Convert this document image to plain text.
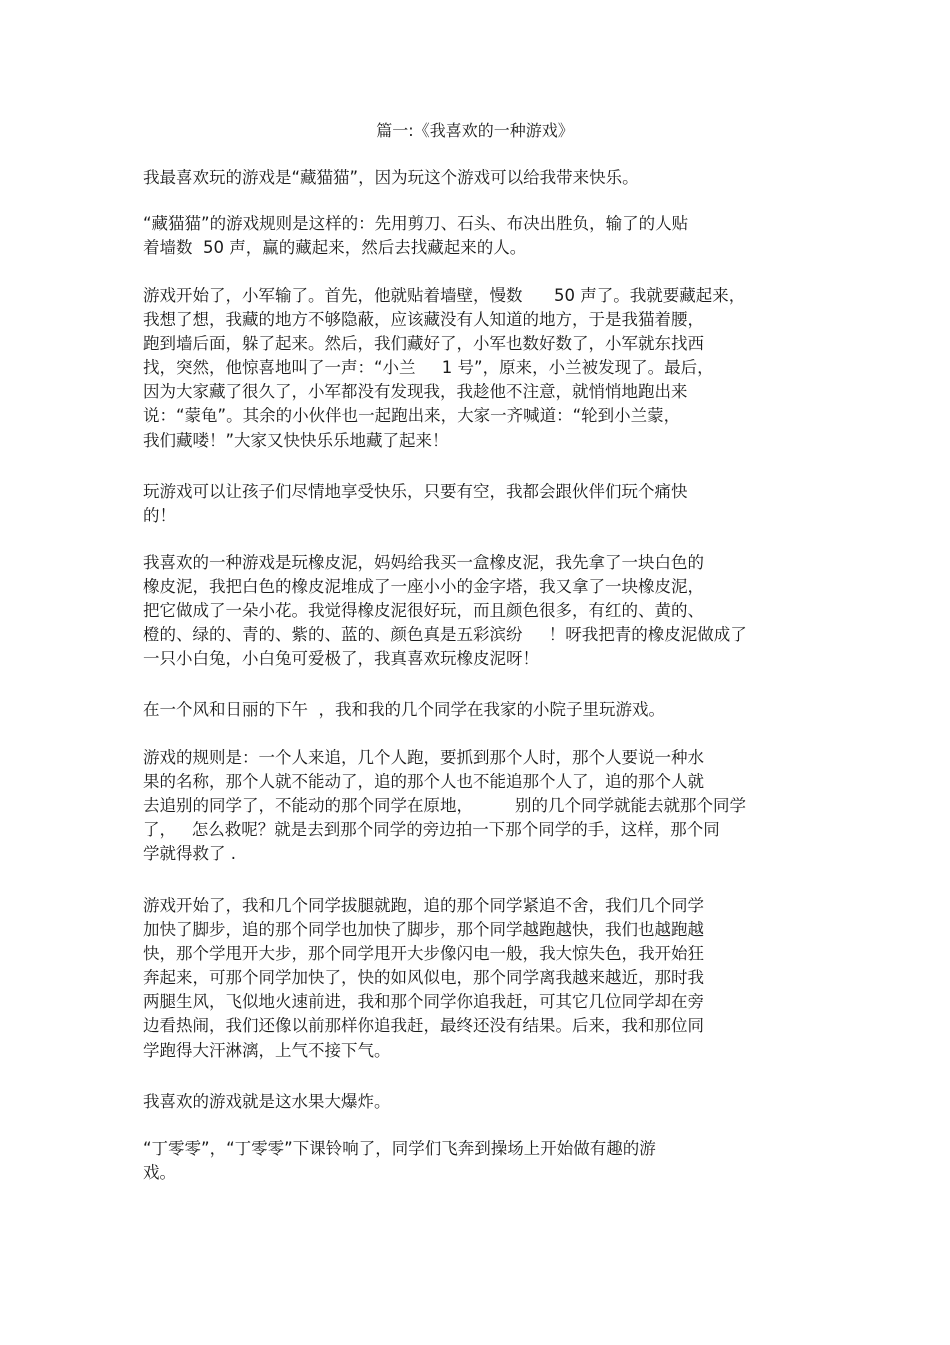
篇一:《我喜欢的一种游戏》
我最喜欢玩的游戏是“藏猫猫”，因为玩这个游戏可以给我带来快乐。
“藏猫猫”的游戏规则是这样的：先用剪刀、石头、布决出胜负，输了的人贴
着墙数  50 声，赢的藏起来，然后去找藏起来的人。
游戏开始了，小军输了。首先，他就贴着墙壁，慢数      50 声了。我就要藏起来，
我想了想，我藏的地方不够隐蔽，应该藏没有人知道的地方，于是我猫着腰，
跑到墙后面，躲了起来。然后，我们藏好了，小军也数好数了，小军就东找西
找，突然，他惊喜地叫了一声：“小兰     1 号”，原来，小兰被发现了。最后，
因为大家藏了很久了，小军都没有发现我，我趁他不注意，就悄悄地跑出来
说：“蒙龟”。其余的小伙伴也一起跑出来，大家一齐喊道：“轮到小兰蒙，
我们藏喽！”大家又快快乐乐地藏了起来！
玩游戏可以让孩子们尽情地享受快乐，只要有空，我都会跟伙伴们玩个痛快
的！
我喜欢的一种游戏是玩橡皮泥，妈妈给我买一盒橡皮泥，我先拿了一块白色的
橡皮泥，我把白色的橡皮泥堆成了一座小小的金字塔，我又拿了一块橡皮泥，
把它做成了一朵小花。我觉得橡皮泥很好玩，而且颜色很多，有红的、黄的、
橙的、绿的、青的、紫的、蓝的、颜色真是五彩滨纷     ！呀我把青的橡皮泥做成了
一只小白兔，小白兔可爱极了，我真喜欢玩橡皮泥呀！
在一个风和日丽的下午  ，我和我的几个同学在我家的小院子里玩游戏。
游戏的规则是：一个人来追，几个人跑，要抓到那个人时，那个人要说一种水
果的名称，那个人就不能动了，追的那个人也不能追那个人了，追的那个人就
去追别的同学了，不能动的那个同学在原地，        别的几个同学就能去就那个同学
了，   怎么救呢？就是去到那个同学的旁边拍一下那个同学的手，这样，那个同
学就得救了 .
游戏开始了，我和几个同学拔腿就跑，追的那个同学紧追不舍，我们几个同学
加快了脚步，追的那个同学也加快了脚步，那个同学越跑越快，我们也越跑越
快，那个学甩开大步，那个同学甩开大步像闪电一般，我大惊失色，我开始狂
奔起来，可那个同学加快了，快的如风似电，那个同学离我越来越近，那时我
两腿生风，飞似地火速前进，我和那个同学你追我赶，可其它几位同学却在旁
边看热闹，我们还像以前那样你追我赶，最终还没有结果。后来，我和那位同
学跑得大汗淋漓，上气不接下气。
我喜欢的游戏就是这水果大爆炸。
“丁零零”，“丁零零”下课铃响了，同学们飞奔到操场上开始做有趣的游
戏。
